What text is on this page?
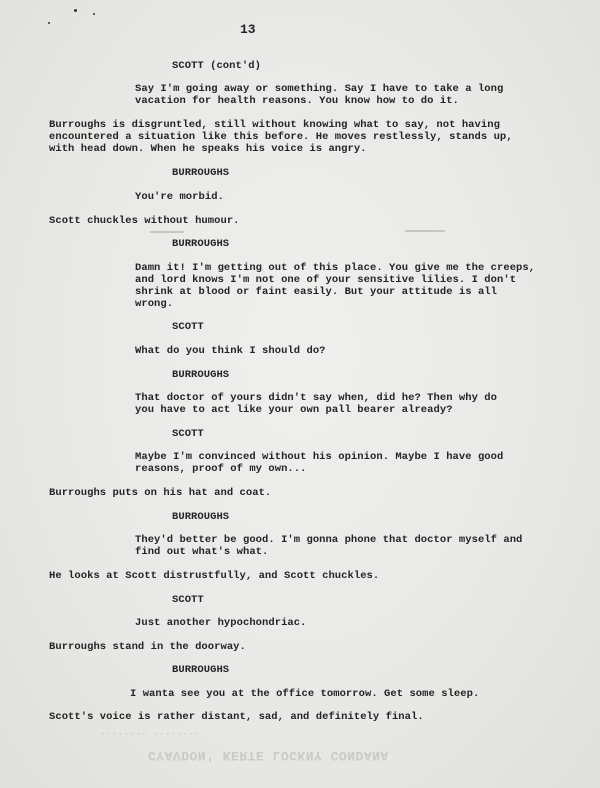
CYAVDON' KERTE LOCKNY CONDANA
........ ........
13
SCOTT (cont'd)
Say I'm going away or something. Say I have to take a long
vacation for health reasons. You know how to do it.
Burroughs is disgruntled, still without knowing what to say, not having
encountered a situation like this before. He moves restlessly, stands up,
with head down. When he speaks his voice is angry.
BURROUGHS
You're morbid.
Scott chuckles without humour.
BURROUGHS
Damn it! I'm getting out of this place. You give me the creeps,
and lord knows I'm not one of your sensitive lilies. I don't
shrink at blood or faint easily. But your attitude is all
wrong.
SCOTT
What do you think I should do?
BURROUGHS
That doctor of yours didn't say when, did he? Then why do
you have to act like your own pall bearer already?
SCOTT
Maybe I'm convinced without his opinion. Maybe I have good
reasons, proof of my own...
Burroughs puts on his hat and coat.
BURROUGHS
They'd better be good. I'm gonna phone that doctor myself and
find out what's what.
He looks at Scott distrustfully, and Scott chuckles.
SCOTT
Just another hypochondriac.
Burroughs stand in the doorway.
BURROUGHS
I wanta see you at the office tomorrow. Get some sleep.
Scott's voice is rather distant, sad, and definitely final.
